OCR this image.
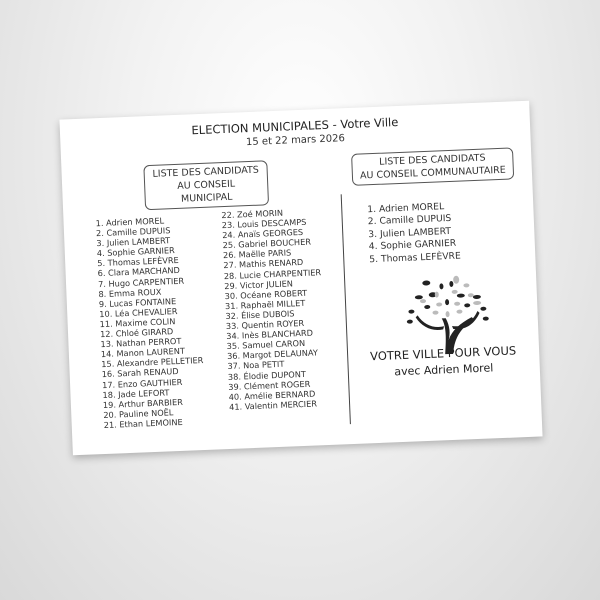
ELECTION MUNICIPALES - Votre Ville
15 et 22 mars 2026
LISTE DES CANDIDATS
AU CONSEIL MUNICIPAL
1. Adrien MOREL
2. Camille DUPUIS
3. Julien LAMBERT
4. Sophie GARNIER
5. Thomas LEFÈVRE
6. Clara MARCHAND
7. Hugo CARPENTIER
8. Emma ROUX
9. Lucas FONTAINE
10. Léa CHEVALIER
11. Maxime COLIN
12. Chloé GIRARD
13. Nathan PERROT
14. Manon LAURENT
15. Alexandre PELLETIER
16. Sarah RENAUD
17. Enzo GAUTHIER
18. Jade LEFORT
19. Arthur BARBIER
20. Pauline NOËL
21. Ethan LEMOINE
22. Zoé MORIN
23. Louis DESCAMPS
24. Anaïs GEORGES
25. Gabriel BOUCHER
26. Maëlle PARIS
27. Mathis RENARD
28. Lucie CHARPENTIER
29. Victor JULIEN
30. Océane ROBERT
31. Raphaël MILLET
32. Élise DUBOIS
33. Quentin ROYER
34. Inès BLANCHARD
35. Samuel CARON
36. Margot DELAUNAY
37. Noa PETIT
38. Élodie DUPONT
39. Clément ROGER
40. Amélie BERNARD
41. Valentin MERCIER
LISTE DES CANDIDATS
AU CONSEIL COMMUNAUTAIRE
1. Adrien MOREL
2. Camille DUPUIS
3. Julien LAMBERT
4. Sophie GARNIER
5. Thomas LEFÈVRE
VOTRE VILLE POUR VOUS
avec Adrien Morel
